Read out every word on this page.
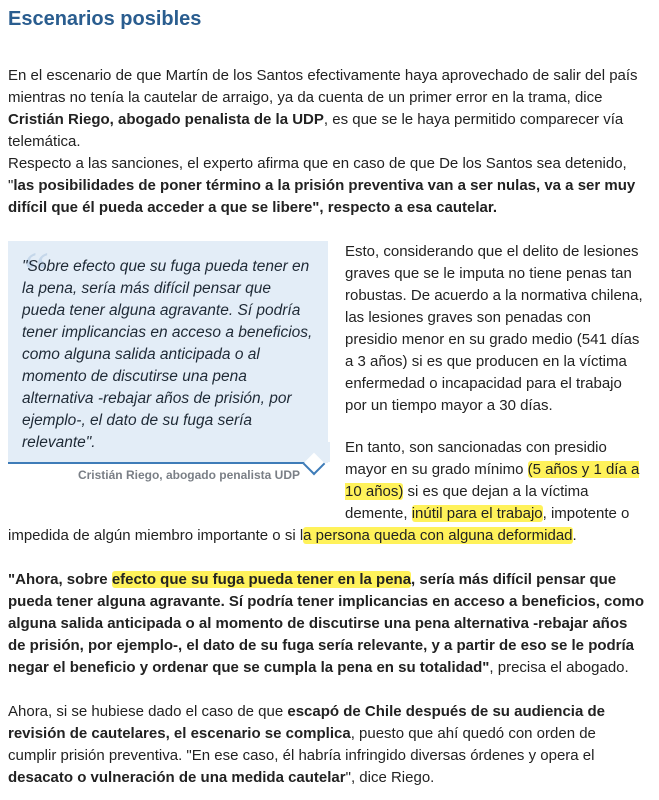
Escenarios posibles

En el escenario de que Martín de los Santos efectivamente haya aprovechado de salir del país mientras no tenía la cautelar de arraigo, ya da cuenta de un primer error en la trama, dice Cristián Riego, abogado penalista de la UDP, es que se le haya permitido comparecer vía telemática.

Respecto a las sanciones, el experto afirma que en caso de que De los Santos sea detenido, "las posibilidades de poner término a la prisión preventiva van a ser nulas, va a ser muy difícil que él pueda acceder a que se libere", respecto a esa cautelar.

“

"Sobre efecto que su fuga pueda tener en la pena, sería más difícil pensar que pueda tener alguna agravante. Sí podría tener implicancias en acceso a beneficios, como alguna salida anticipada o al momento de discutirse una pena alternativa -rebajar años de prisión, por ejemplo-, el dato de su fuga sería relevante".

Cristián Riego, abogado penalista UDP

Esto, considerando que el delito de lesiones graves que se le imputa no tiene penas tan robustas. De acuerdo a la normativa chilena, las lesiones graves son penadas con presidio menor en su grado medio (541 días a 3 años) si es que producen en la víctima enfermedad o incapacidad para el trabajo por un tiempo mayor a 30 días.

En tanto, son sancionadas con presidio mayor en su grado mínimo (5 años y 1 día a 10 años) si es que dejan a la víctima demente, inútil para el trabajo, impotente o

impedida de algún miembro importante o si la persona queda con alguna deformidad.

"Ahora, sobre efecto que su fuga pueda tener en la pena, sería más difícil pensar que pueda tener alguna agravante. Sí podría tener implicancias en acceso a beneficios, como alguna salida anticipada o al momento de discutirse una pena alternativa -rebajar años de prisión, por ejemplo-, el dato de su fuga sería relevante, y a partir de eso se le podría negar el beneficio y ordenar que se cumpla la pena en su totalidad", precisa el abogado.

Ahora, si se hubiese dado el caso de que escapó de Chile después de su audiencia de revisión de cautelares, el escenario se complica, puesto que ahí quedó con orden de cumplir prisión preventiva. "En ese caso, él habría infringido diversas órdenes y opera el desacato o vulneración de una medida cautelar", dice Riego.
